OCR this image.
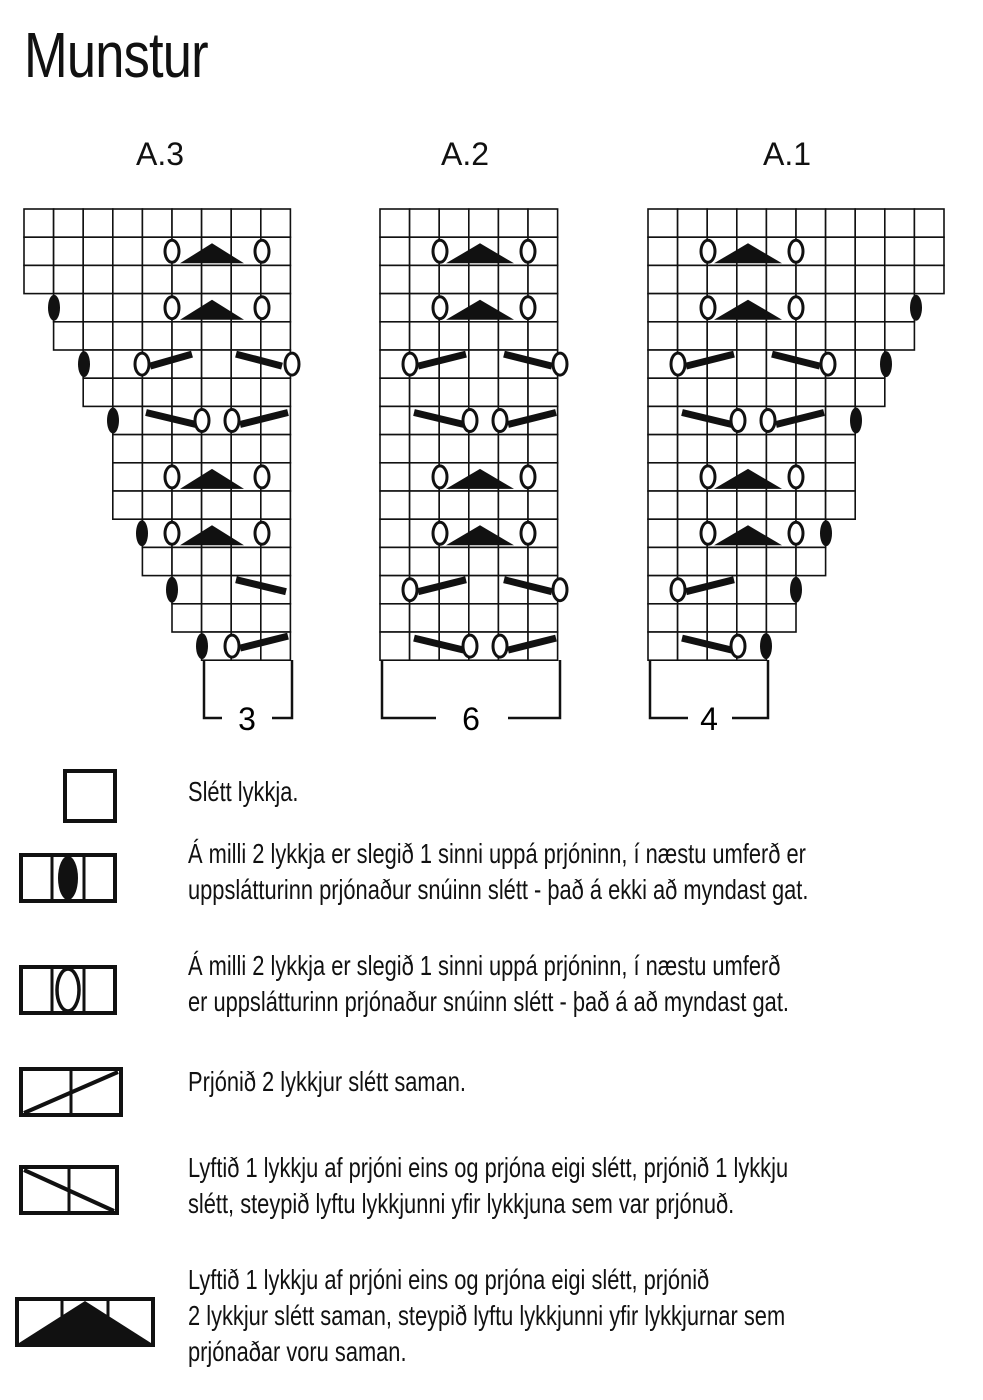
Munstur
A.3	A.2	A.1
3	6	4
Slétt lykkja.
Á milli 2 lykkja er slegið 1 sinni uppá prjóninn, í næstu umferð er
uppslátturinn prjónaður snúinn slétt - það á ekki að myndast gat.
Á milli 2 lykkja er slegið 1 sinni uppá prjóninn, í næstu umferð
er uppslátturinn prjónaður snúinn slétt - það á að myndast gat.
Prjónið 2 lykkjur slétt saman.
Lyftið 1 lykkju af prjóni eins og prjóna eigi slétt, prjónið 1 lykkju
slétt, steypið lyftu lykkjunni yfir lykkjuna sem var prjónuð.
Lyftið 1 lykkju af prjóni eins og prjóna eigi slétt, prjónið
2 lykkjur slétt saman, steypið lyftu lykkjunni yfir lykkjurnar sem
prjónaðar voru saman.
